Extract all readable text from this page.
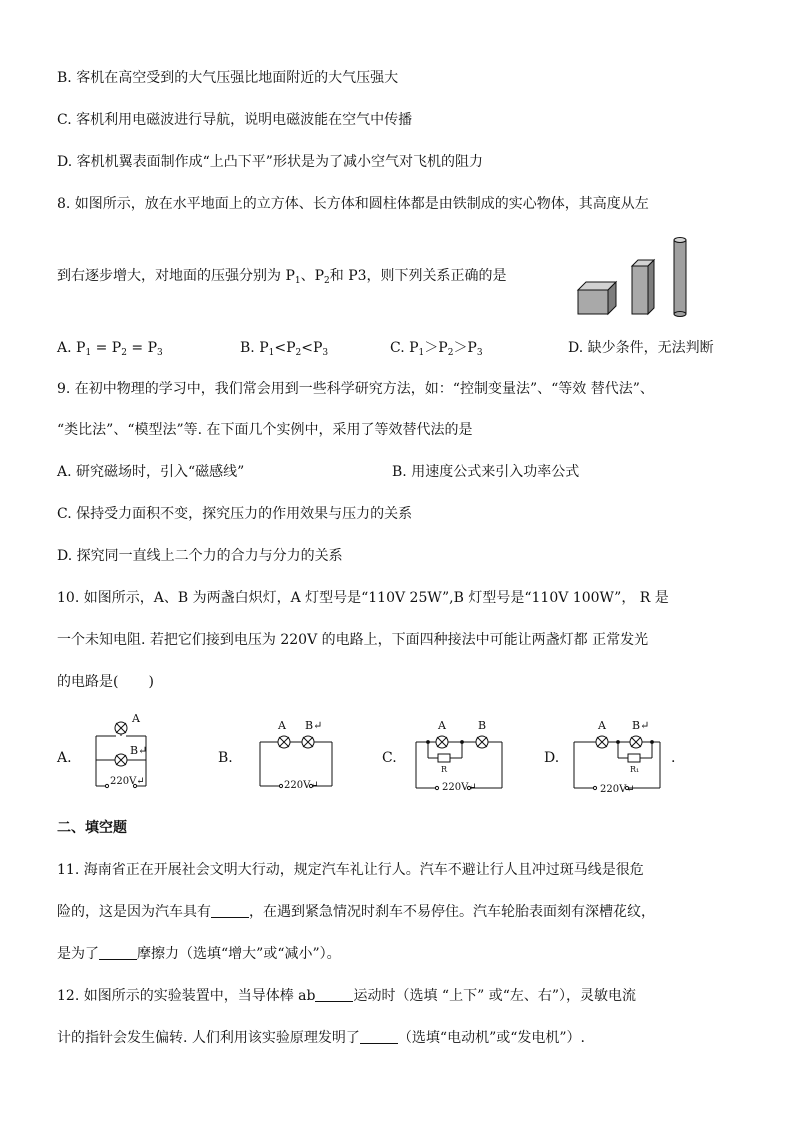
B. 客机在高空受到的大气压强比地面附近的大气压强大
C. 客机利用电磁波进行导航，说明电磁波能在空气中传播
D. 客机机翼表面制作成“上凸下平”形状是为了减小空气对飞机的阻力
8. 如图所示，放在水平地面上的立方体、长方体和圆柱体都是由铁制成的实心物体，其高度从左
到右逐步增大，对地面的压强分别为 $P_1$、$P_2$和 P3，则下列关系正确的是
A. $P_1 = P_2 = P_3$	B. $P_1<P_2<P_3$	C. $P_1>P_2>P_3$	D. 缺少条件，无法判断
9. 在初中物理的学习中，我们常会用到一些科学研究方法，如：“控制变量法”、“等效 替代法”、
“类比法”、“模型法”等. 在下面几个实例中，采用了等效替代法的是
A. 研究磁场时，引入“磁感线”	B. 用速度公式来引入功率公式
C. 保持受力面积不变，探究压力的作用效果与压力的关系
D. 探究同一直线上二个力的合力与分力的关系
10. 如图所示，A、B 为两盏白炽灯，A 灯型号是“110V 25W”,B 灯型号是“110V 100W”， R 是
一个未知电阻. 若把它们接到电压为 220V 的电路上，下面四种接法中可能让两盏灯都 正常发光
的电路是( )
A.
A
B↵
220V↵
B.
A B↵
220V↵
C.
A	B
R
220V↵
D.
A B↵
R₁
220V↵
.
二、填空题
11. 海南省正在开展社会文明大行动，规定汽车礼让行人。汽车不避让行人且冲过斑马线是很危
险的，这是因为汽车具有	，在遇到紧急情况时刹车不易停住。汽车轮胎表面刻有深槽花纹，
是为了	摩擦力（选填“增大”或“减小”）。
12. 如图所示的实验装置中，当导体棒 ab	运动时（选填 “上下” 或“左、右”），灵敏电流
计的指针会发生偏转. 人们利用该实验原理发明了	（选填“电动机”或“发电机”）.
